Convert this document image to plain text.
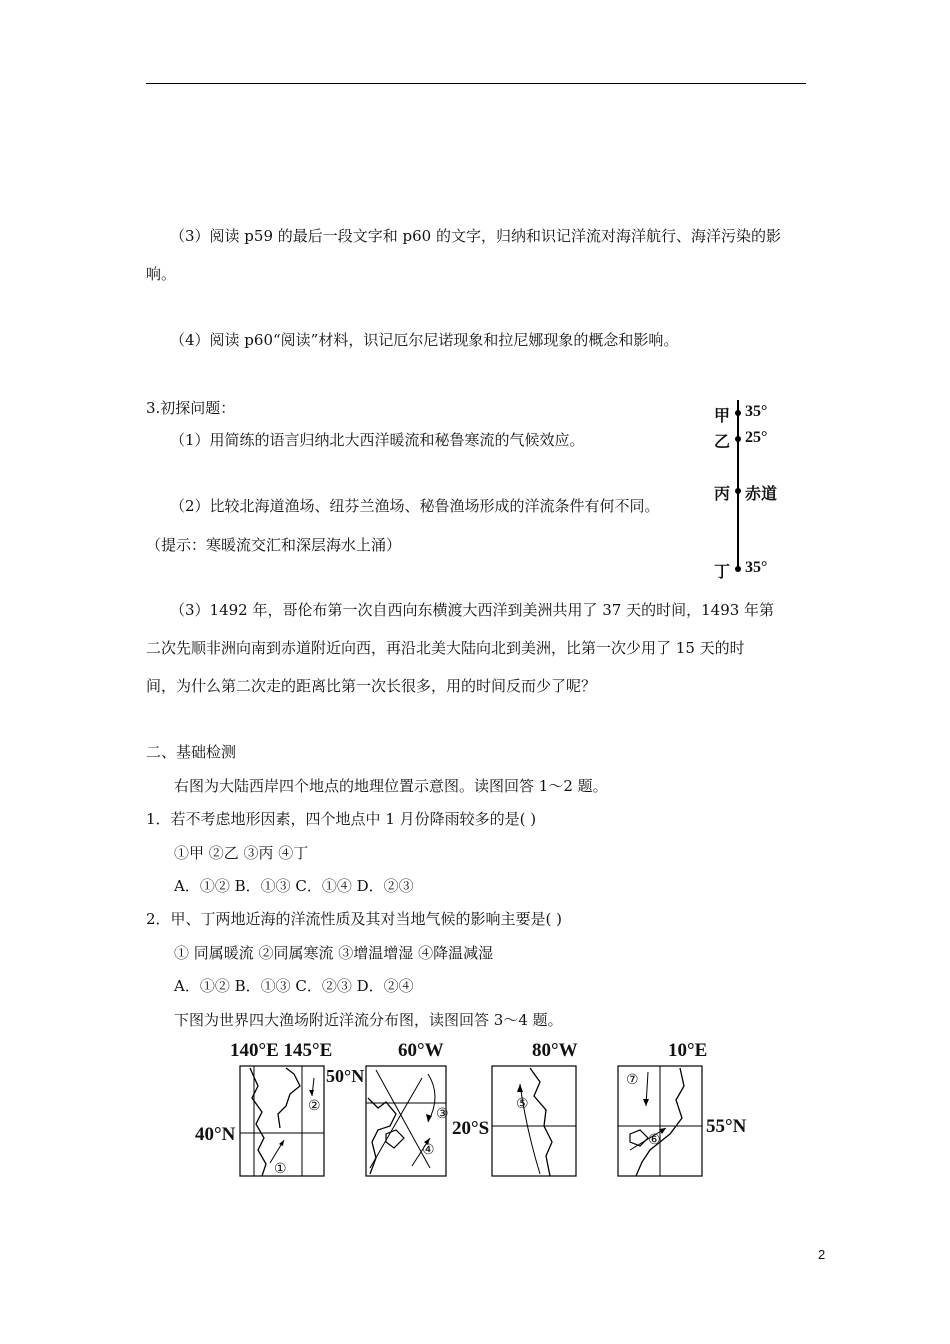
（3）阅读 p59 的最后一段文字和 p60 的文字，归纳和识记洋流对海洋航行、海洋污染的影
响。
（4）阅读 p60“阅读”材料，识记厄尔尼诺现象和拉尼娜现象的概念和影响。
3.初探问题：
（1）用简练的语言归纳北大西洋暖流和秘鲁寒流的气候效应。
（2）比较北海道渔场、纽芬兰渔场、秘鲁渔场形成的洋流条件有何不同。
（提示：寒暖流交汇和深层海水上涌）
（3）1492 年，哥伦布第一次自西向东横渡大西洋到美洲共用了 37 天的时间，1493 年第
二次先顺非洲向南到赤道附近向西，再沿北美大陆向北到美洲，比第一次少用了 15 天的时
间，为什么第二次走的距离比第一次长很多，用的时间反而少了呢？
甲 35°
乙 25°
丙 赤道
丁 35°
二、基础检测
右图为大陆西岸四个地点的地理位置示意图。读图回答 1～2 题。
1．若不考虑地形因素，四个地点中 1 月份降雨较多的是( )
①甲 ②乙 ③丙 ④丁
A．①② B．①③ C．①④ D．②③
2．甲、丁两地近海的洋流性质及其对当地气候的影响主要是( )
① 同属暖流 ②同属寒流 ③增温增湿 ④降温减湿
A．①② B．①③ C．②③ D．②④
下图为世界四大渔场附近洋流分布图，读图回答 3～4 题。
140°E 145°E
50°N
40°N
①
②
③
④
60°W	80°W
20°S
⑤
10°E
55°N
⑥
⑦
2
